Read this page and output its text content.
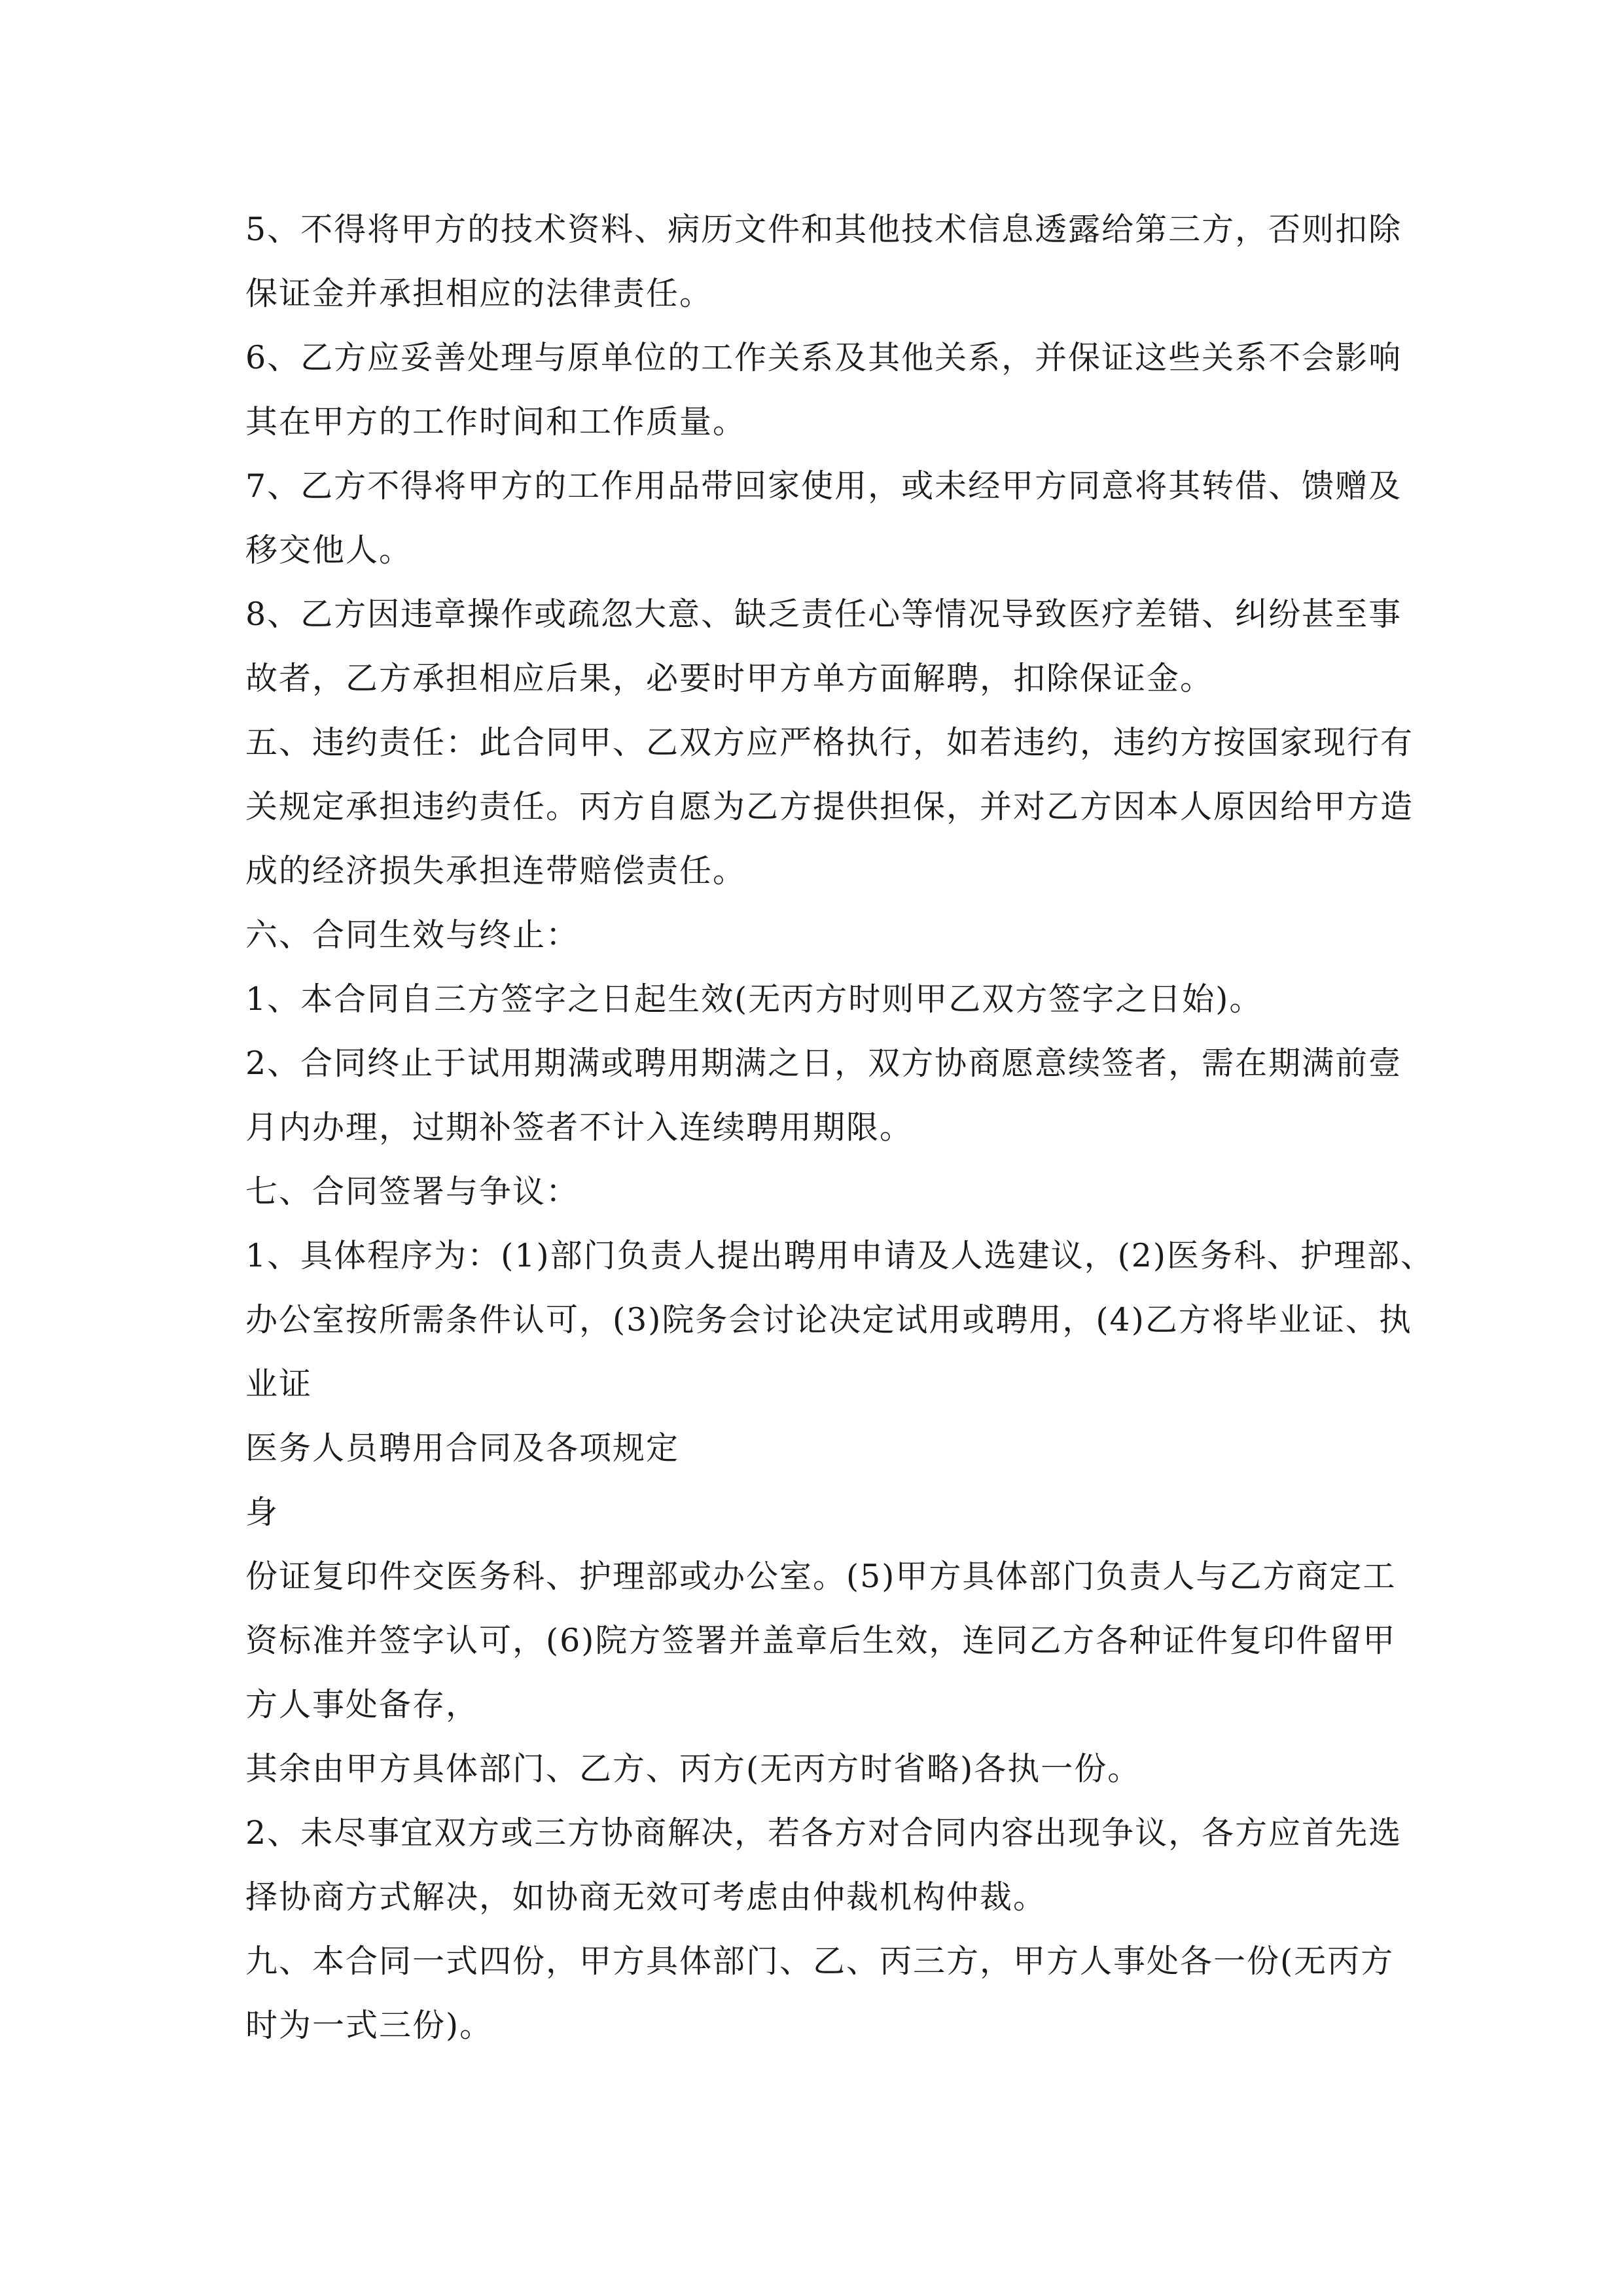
5、不得将甲方的技术资料、病历文件和其他技术信息透露给第三方，否则扣除
保证金并承担相应的法律责任。
6、乙方应妥善处理与原单位的工作关系及其他关系，并保证这些关系不会影响
其在甲方的工作时间和工作质量。
7、乙方不得将甲方的工作用品带回家使用，或未经甲方同意将其转借、馈赠及
移交他人。
8、乙方因违章操作或疏忽大意、缺乏责任心等情况导致医疗差错、纠纷甚至事
故者，乙方承担相应后果，必要时甲方单方面解聘，扣除保证金。
五、违约责任：此合同甲、乙双方应严格执行，如若违约，违约方按国家现行有
关规定承担违约责任。丙方自愿为乙方提供担保，并对乙方因本人原因给甲方造
成的经济损失承担连带赔偿责任。
六、合同生效与终止：
1、本合同自三方签字之日起生效(无丙方时则甲乙双方签字之日始)。
2、合同终止于试用期满或聘用期满之日，双方协商愿意续签者，需在期满前壹
月内办理，过期补签者不计入连续聘用期限。
七、合同签署与争议：
1、具体程序为：(1)部门负责人提出聘用申请及人选建议，(2)医务科、护理部、
办公室按所需条件认可，(3)院务会讨论决定试用或聘用，(4)乙方将毕业证、执
业证
医务人员聘用合同及各项规定
身
份证复印件交医务科、护理部或办公室。(5)甲方具体部门负责人与乙方商定工
资标准并签字认可，(6)院方签署并盖章后生效，连同乙方各种证件复印件留甲
方人事处备存，
其余由甲方具体部门、乙方、丙方(无丙方时省略)各执一份。
2、未尽事宜双方或三方协商解决，若各方对合同内容出现争议，各方应首先选
择协商方式解决，如协商无效可考虑由仲裁机构仲裁。
九、本合同一式四份，甲方具体部门、乙、丙三方，甲方人事处各一份(无丙方
时为一式三份)。
